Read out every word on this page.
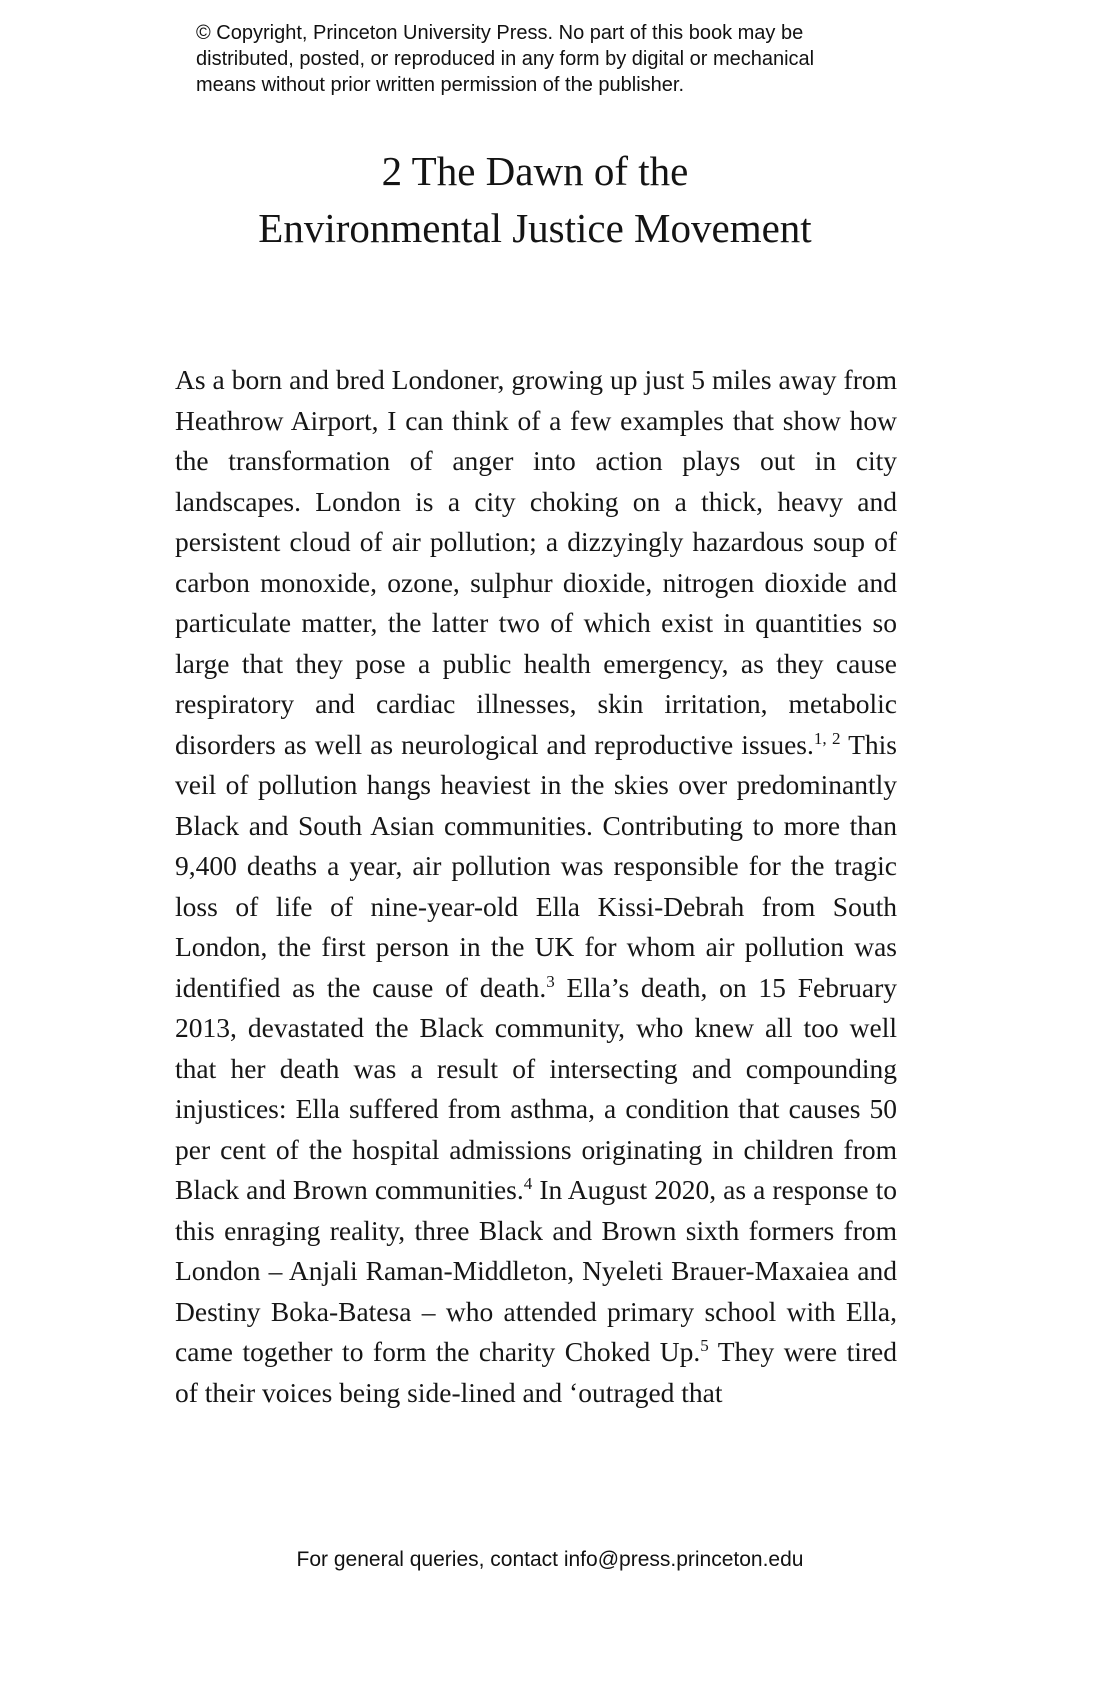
© Copyright, Princeton University Press. No part of this book may be
distributed, posted, or reproduced in any form by digital or mechanical
means without prior written permission of the publisher.
2 The Dawn of the
Environmental Justice Movement

As a born and bred Londoner, growing up just 5 miles away from Heathrow Airport, I can think of a few examples that show how the transformation of anger into action plays out in city landscapes. London is a city choking on a thick, heavy and persistent cloud of air pollution; a dizzyingly hazardous soup of carbon monoxide, ozone, sulphur dioxide, nitrogen dioxide and particulate matter, the latter two of which exist in quantities so large that they pose a public health emergency, as they cause respiratory and cardiac illnesses, skin irritation, metabolic disorders as well as neurological and reproductive issues.$^{1, 2}$ This veil of pollution hangs heaviest in the skies over predominantly Black and South Asian communities. Contributing to more than 9,400 deaths a year, air pollution was responsible for the tragic loss of life of nine-year-old Ella Kissi-Debrah from South London, the first person in the UK for whom air pollution was identified as the cause of death.$^3$ Ella’s death, on 15 February 2013, devastated the Black community, who knew all too well that her death was a result of intersecting and compounding injustices: Ella suffered from asthma, a condition that causes 50 per cent of the hospital admissions originating in children from Black and Brown communities.$^4$ In August 2020, as a response to this enraging reality, three Black and Brown sixth formers from London – Anjali Raman-Middleton, Nyeleti Brauer-Maxaiea and Destiny Boka-Batesa – who attended primary school with Ella, came together to form the charity Choked Up.$^5$ They were tired of their voices being side-lined and ‘outraged that

For general queries, contact info@press.princeton.edu
